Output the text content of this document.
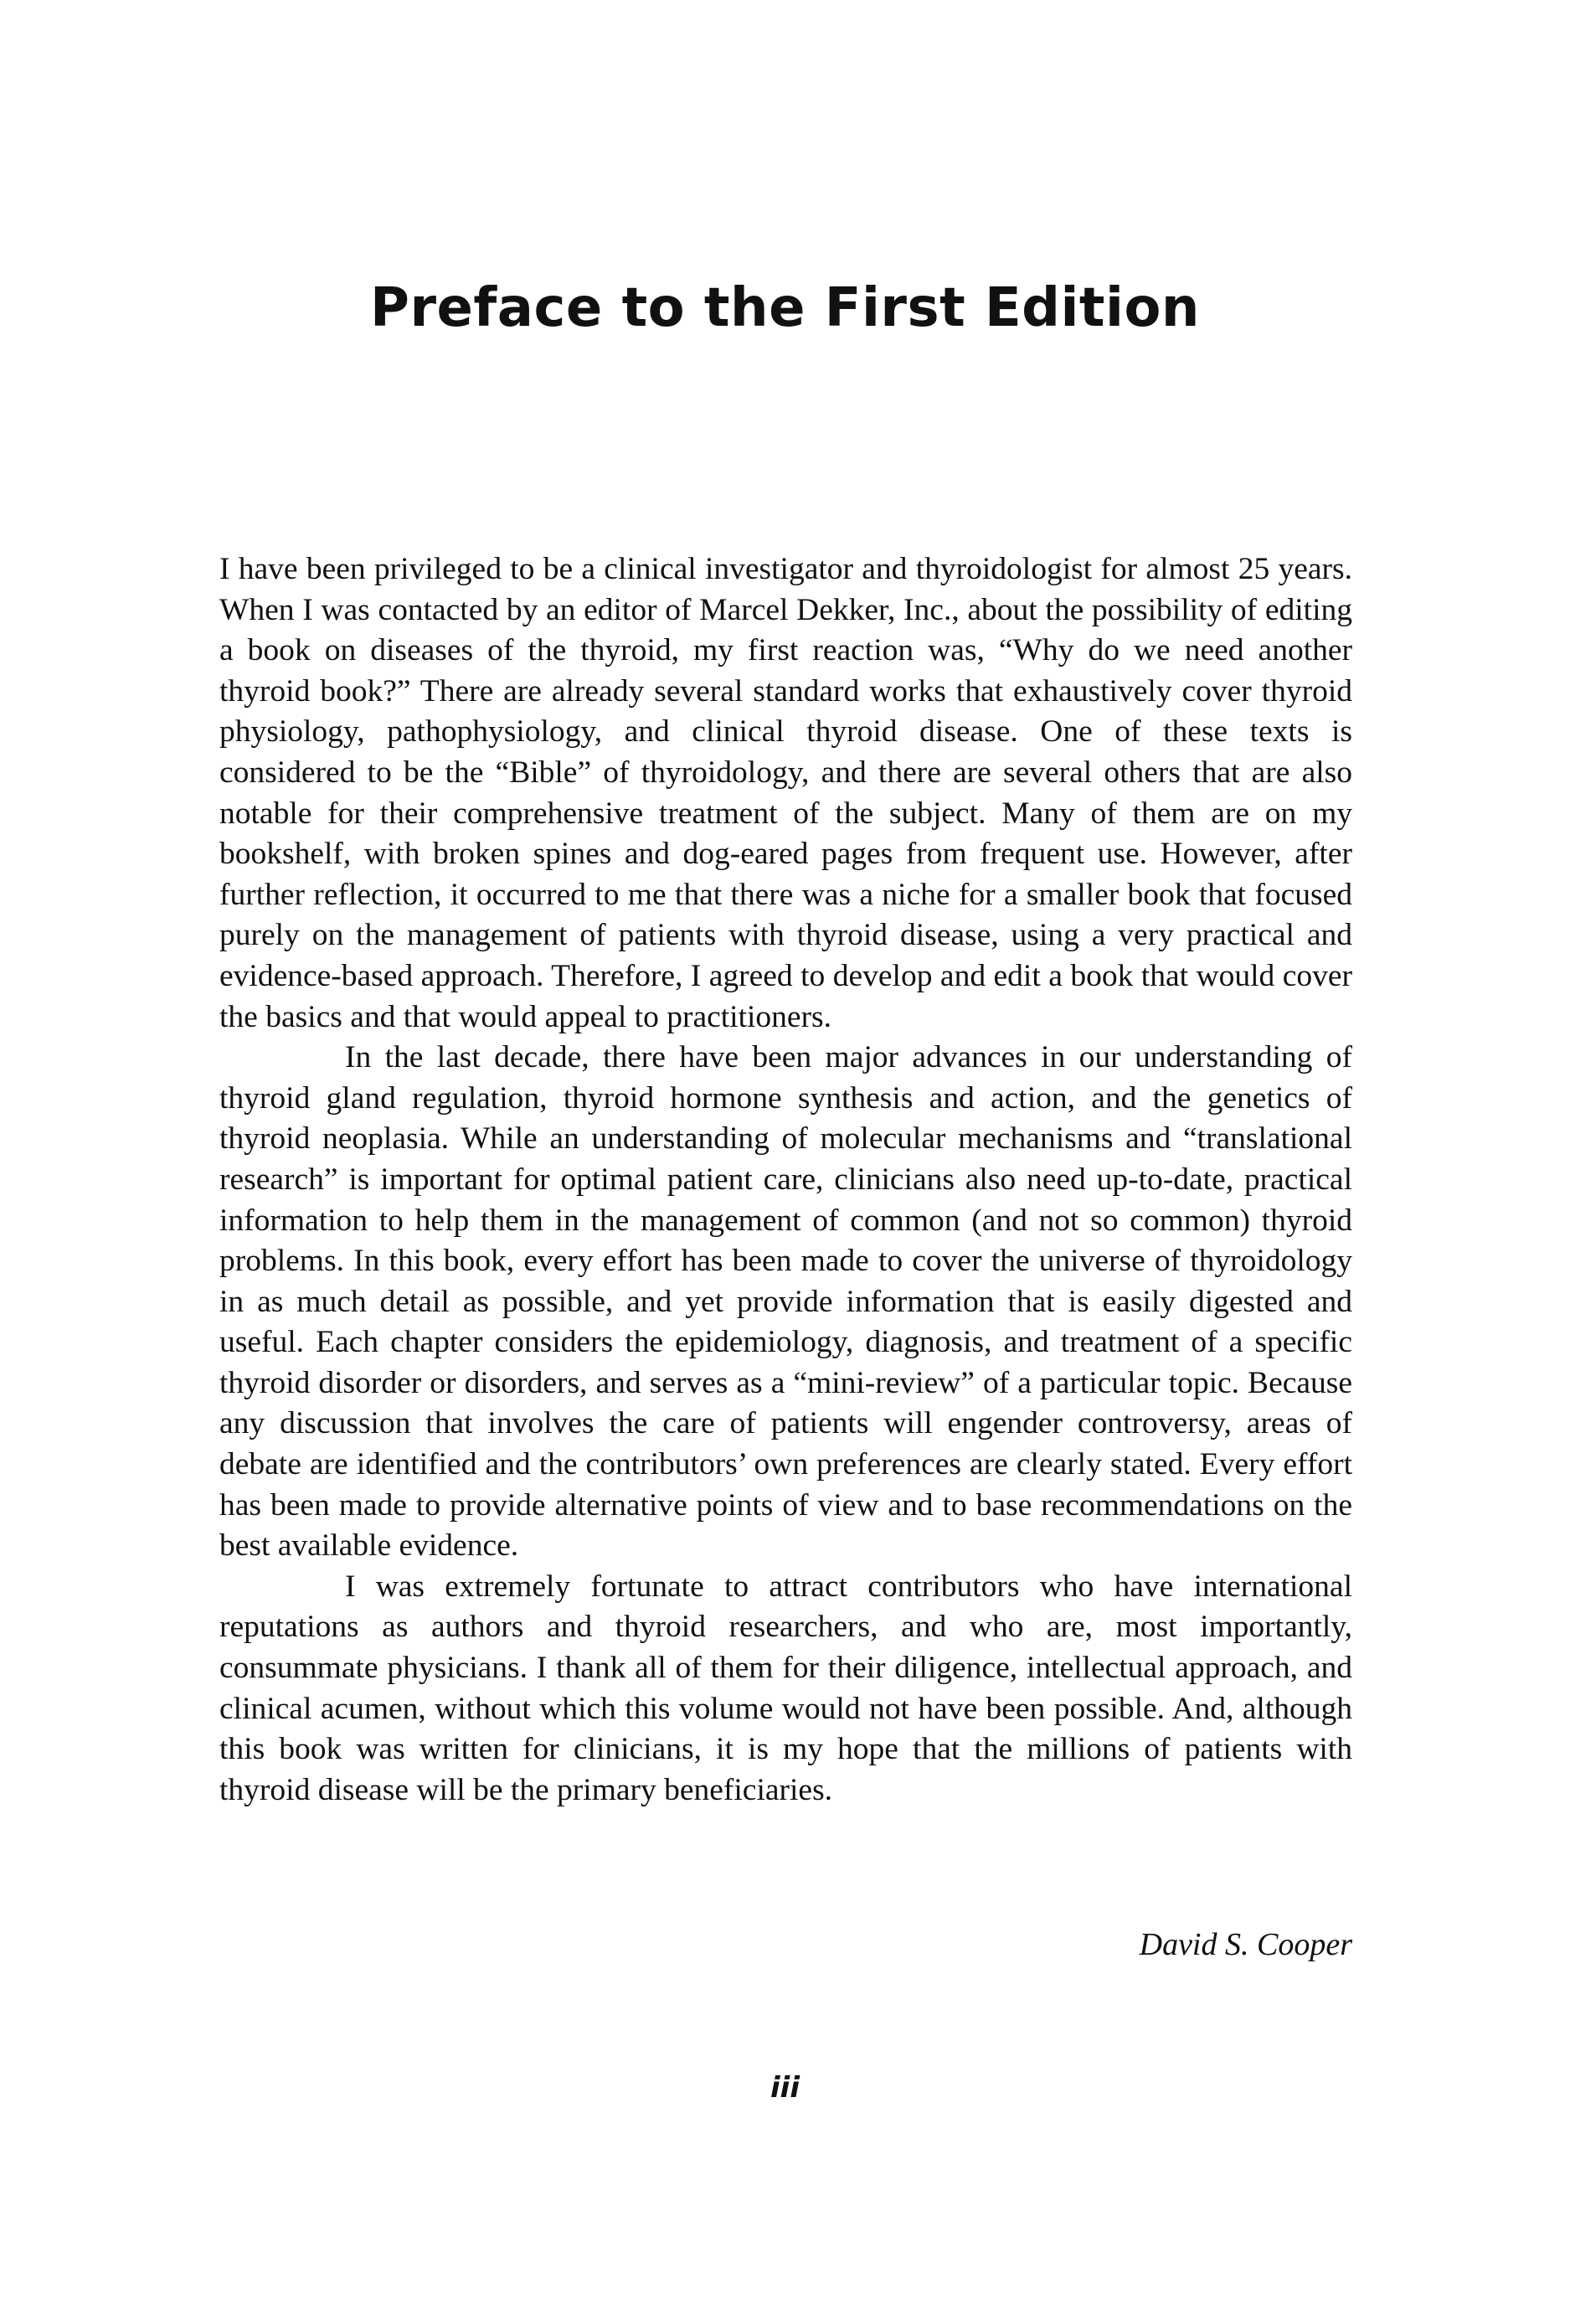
Preface to the First Edition

I have been privileged to be a clinical investigator and thyroidologist for almost 25 years. When I was contacted by an editor of Marcel Dekker, Inc., about the possibility of editing a book on diseases of the thyroid, my first reaction was, “Why do we need another thyroid book?” There are already several standard works that exhaustively cover thyroid physiology, pathophysiology, and clinical thyroid disease. One of these texts is considered to be the “Bible” of thyroidology, and there are several others that are also notable for their comprehensive treatment of the subject. Many of them are on my bookshelf, with broken spines and dog-eared pages from frequent use. However, after further reflection, it occurred to me that there was a niche for a smaller book that focused purely on the management of patients with thyroid disease, using a very practical and evidence-based approach. Therefore, I agreed to develop and edit a book that would cover the basics and that would appeal to practitioners.

In the last decade, there have been major advances in our understanding of thyroid gland regulation, thyroid hormone synthesis and action, and the genetics of thyroid neoplasia. While an understanding of molecular mechanisms and “translational research” is important for optimal patient care, clinicians also need up-to-date, practical information to help them in the management of common (and not so common) thyroid problems. In this book, every effort has been made to cover the universe of thyroidology in as much detail as possible, and yet provide information that is easily digested and useful. Each chapter considers the epidemiology, diagnosis, and treatment of a specific thyroid disorder or disorders, and serves as a “mini-review” of a particular topic. Because any discussion that involves the care of patients will engender controversy, areas of debate are identified and the contributors’ own preferences are clearly stated. Every effort has been made to provide alternative points of view and to base recommendations on the best available evidence.

I was extremely fortunate to attract contributors who have international reputations as authors and thyroid researchers, and who are, most importantly, consummate physicians. I thank all of them for their diligence, intellectual approach, and clinical acumen, without which this volume would not have been possible. And, although this book was written for clinicians, it is my hope that the millions of patients with thyroid disease will be the primary beneficiaries.

David S. Cooper
iii
